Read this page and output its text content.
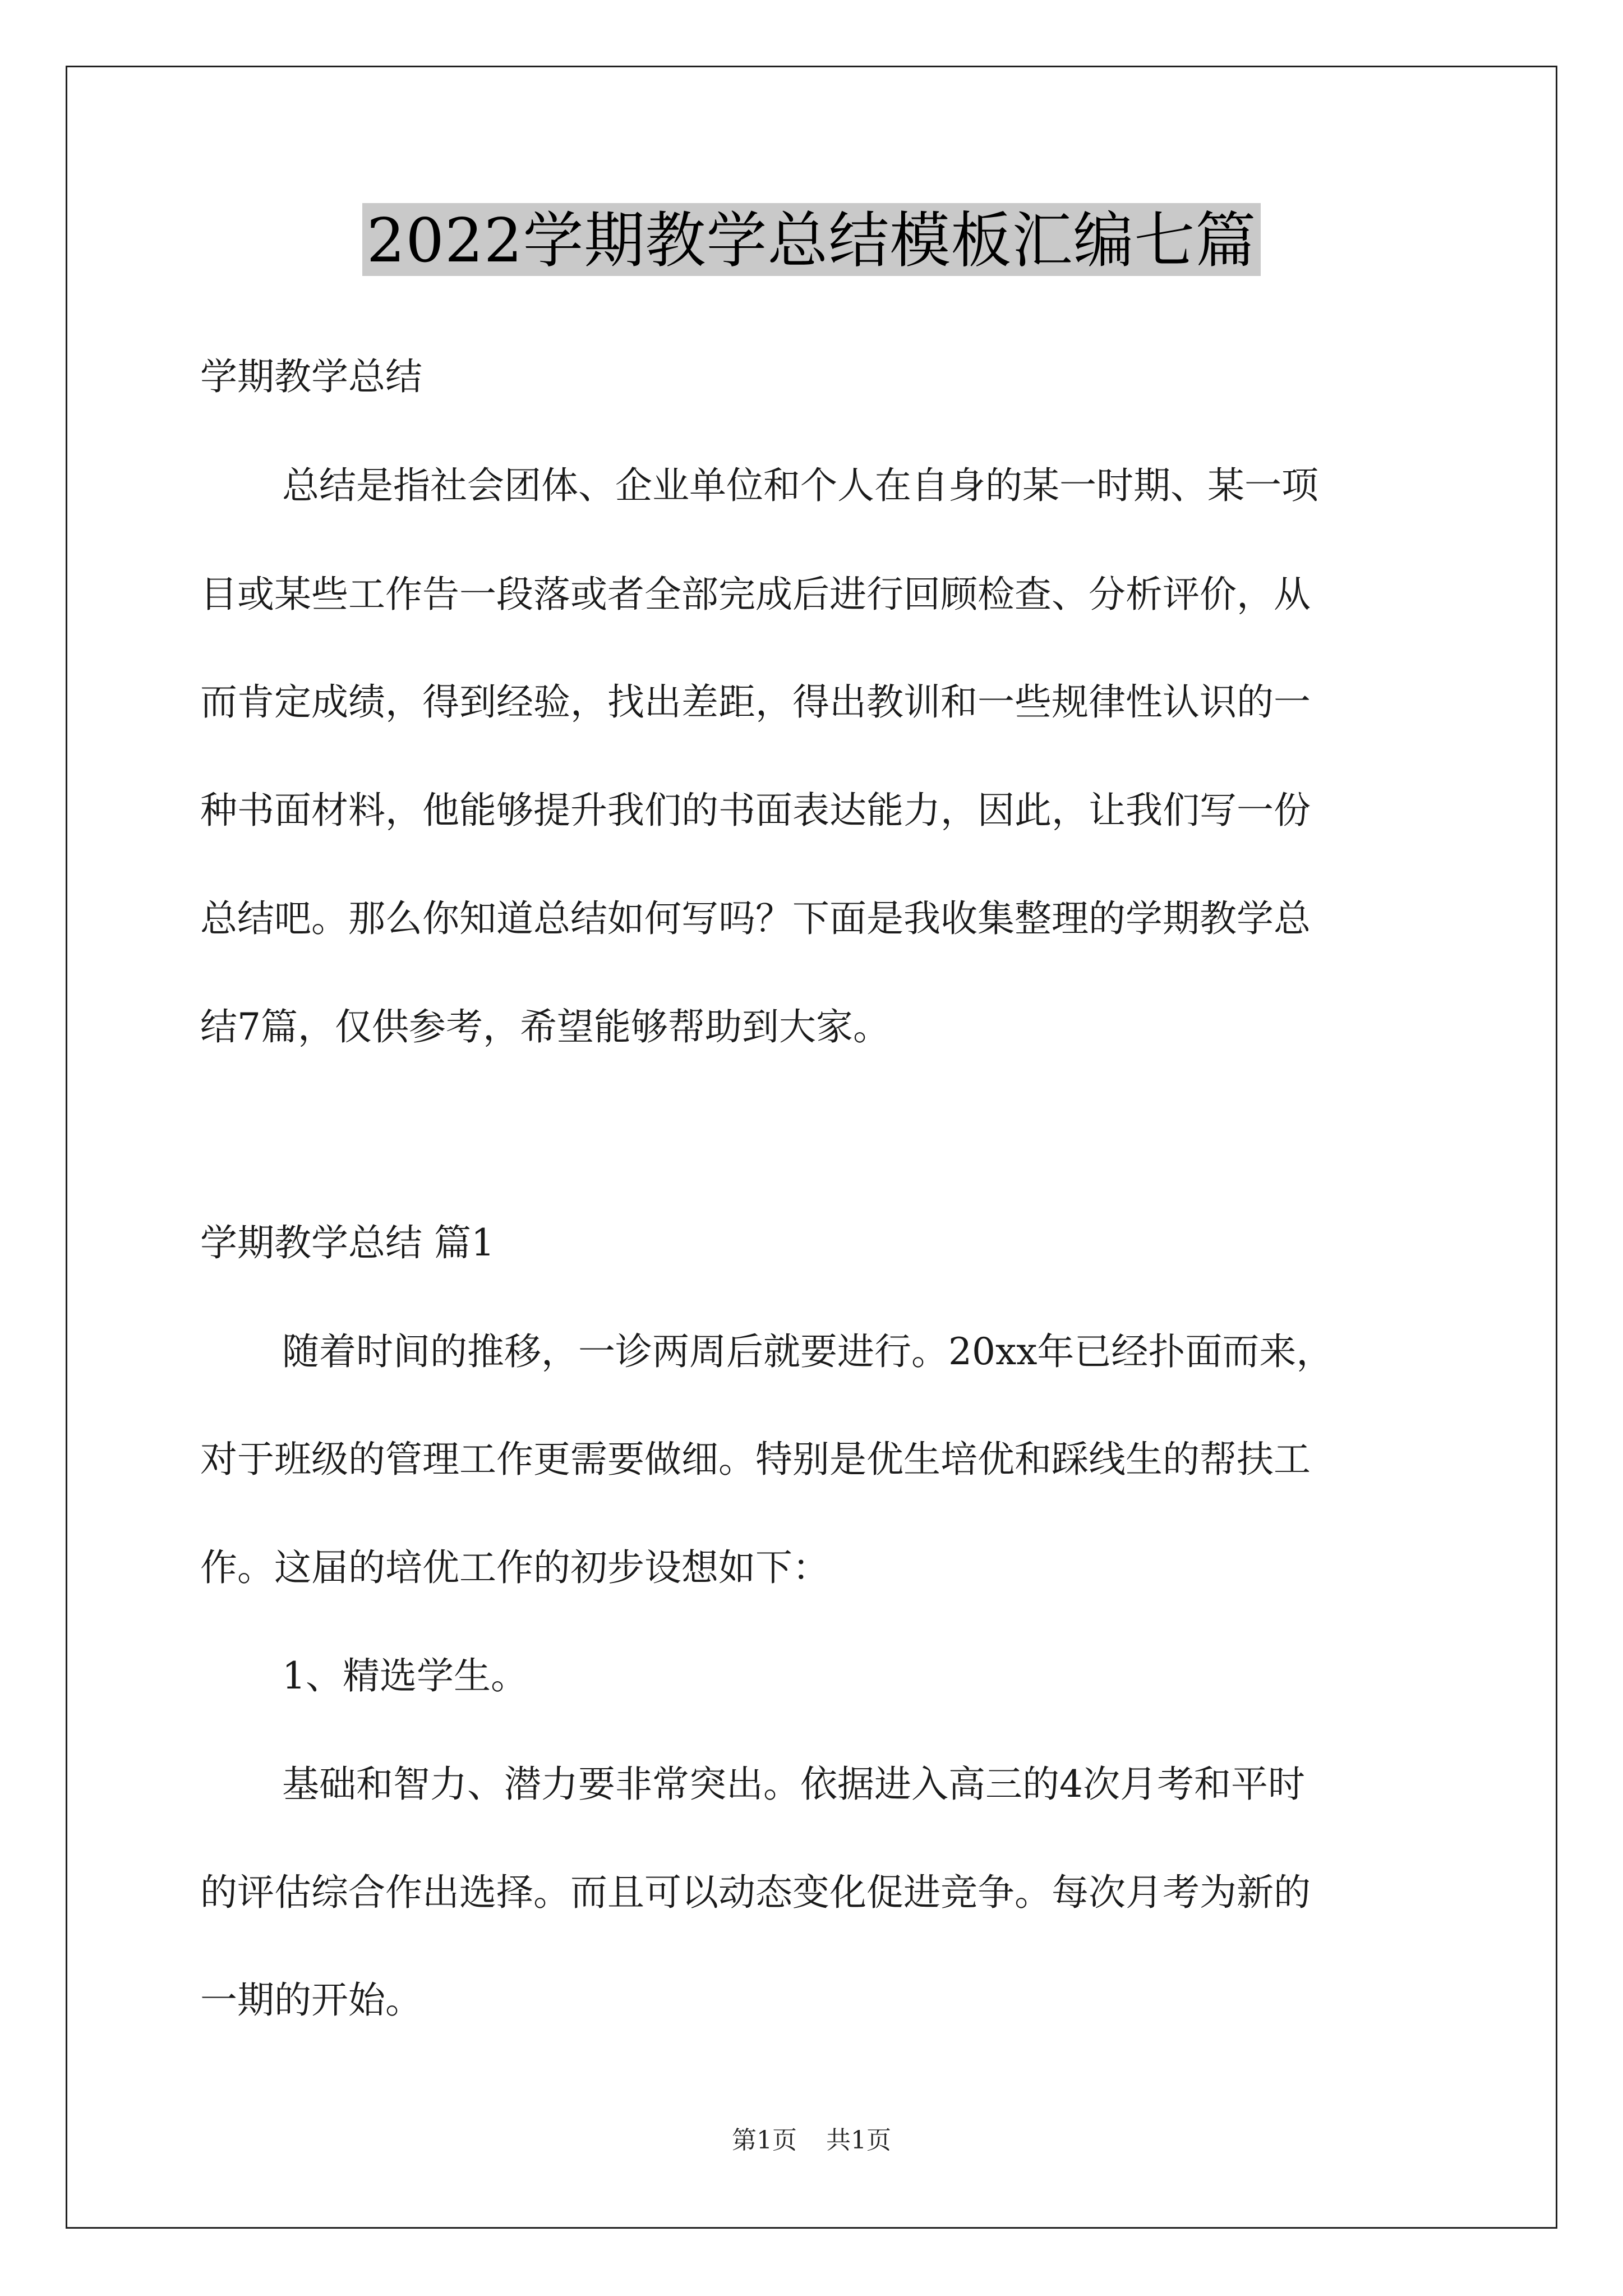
2022学期教学总结模板汇编七篇
学期教学总结
总结是指社会团体、企业单位和个人在自身的某一时期、某一项
目或某些工作告一段落或者全部完成后进行回顾检查、分析评价，从
而肯定成绩，得到经验，找出差距，得出教训和一些规律性认识的一
种书面材料，他能够提升我们的书面表达能力，因此，让我们写一份
总结吧。那么你知道总结如何写吗？下面是我收集整理的学期教学总
结7篇，仅供参考，希望能够帮助到大家。
学期教学总结 篇1
随着时间的推移，一诊两周后就要进行。20xx年已经扑面而来，
对于班级的管理工作更需要做细。特别是优生培优和踩线生的帮扶工
作。这届的培优工作的初步设想如下：
1、精选学生。
基础和智力、潜力要非常突出。依据进入高三的4次月考和平时
的评估综合作出选择。而且可以动态变化促进竞争。每次月考为新的
一期的开始。
第1页 共1页
